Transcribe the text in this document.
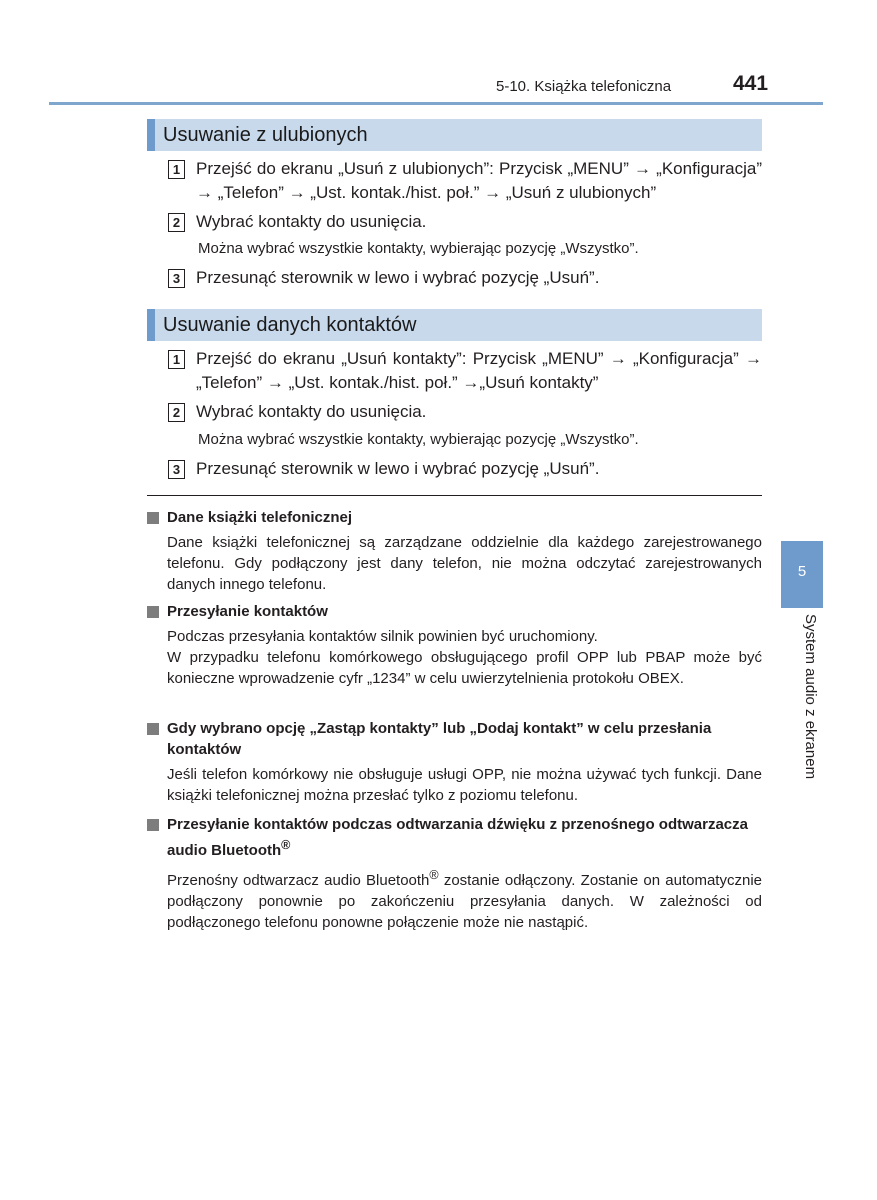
5-10. Książka telefoniczna	441
Usuwanie z ulubionych
1 Przejść do ekranu „Usuń z ulubionych”: Przycisk „MENU” → „Konfiguracja” → „Telefon” → „Ust. kontak./hist. poł.” → „Usuń z ulubionych”
2 Wybrać kontakty do usunięcia.
Można wybrać wszystkie kontakty, wybierając pozycję „Wszystko”.
3 Przesunąć sterownik w lewo i wybrać pozycję „Usuń”.
Usuwanie danych kontaktów
1 Przejść do ekranu „Usuń kontakty”: Przycisk „MENU” → „Konfiguracja” → „Telefon” → „Ust. kontak./hist. poł.” →„Usuń kontakty”
2 Wybrać kontakty do usunięcia.
Można wybrać wszystkie kontakty, wybierając pozycję „Wszystko”.
3 Przesunąć sterownik w lewo i wybrać pozycję „Usuń”.
Dane książki telefonicznej

Dane książki telefonicznej są zarządzane oddzielnie dla każdego zarejestrowanego telefonu. Gdy podłączony jest dany telefon, nie można odczytać zarejestrowanych danych innego telefonu.

Przesyłanie kontaktów

Podczas przesyłania kontaktów silnik powinien być uruchomiony.

W przypadku telefonu komórkowego obsługującego profil OPP lub PBAP może być konieczne wprowadzenie cyfr „1234” w celu uwierzytelnienia protokołu OBEX.

Gdy wybrano opcję „Zastąp kontakty” lub „Dodaj kontakt” w celu przesłania kontaktów

Jeśli telefon komórkowy nie obsługuje usługi OPP, nie można używać tych funkcji. Dane książki telefonicznej można przesłać tylko z poziomu telefonu.

Przesyłanie kontaktów podczas odtwarzania dźwięku z przenośnego odtwarzacza audio Bluetooth®

Przenośny odtwarzacz audio Bluetooth® zostanie odłączony. Zostanie on automatycznie podłączony ponownie po zakończeniu przesyłania danych. W zależności od podłączonego telefonu ponowne połączenie może nie nastąpić.

5
System audio z ekranem
